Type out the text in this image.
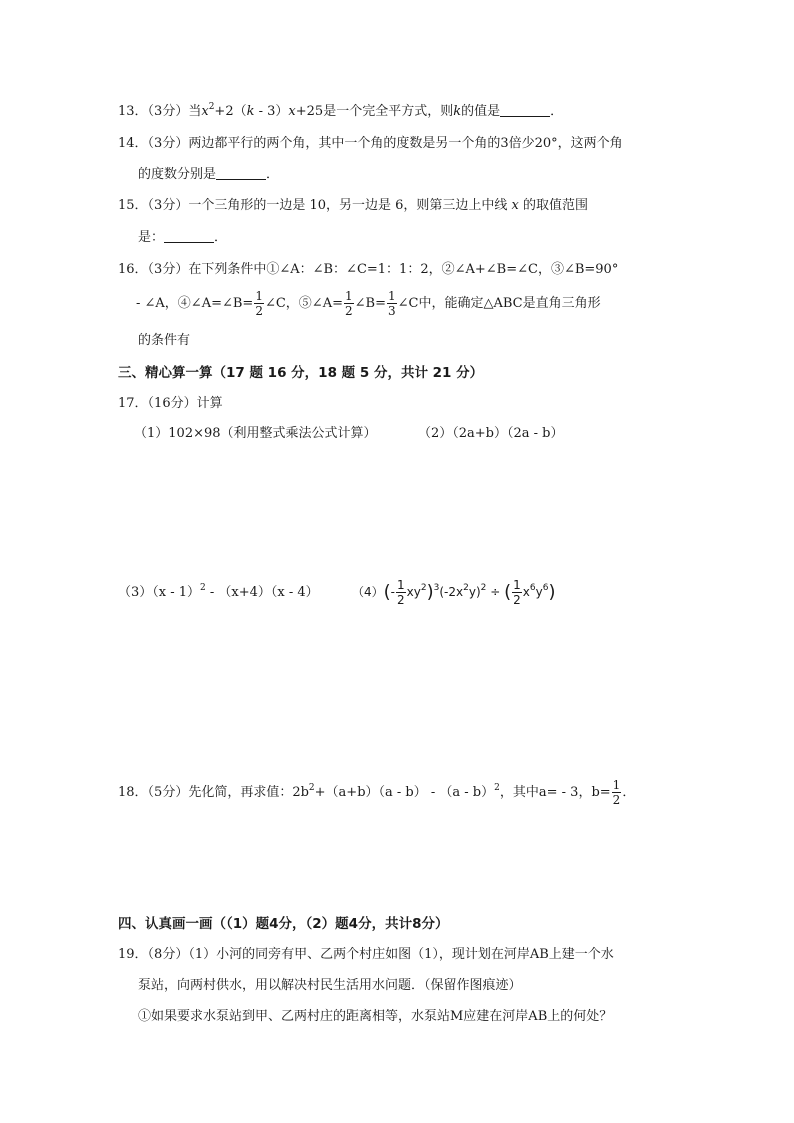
13．（3分）当$x^2+2(k - 3)x+25$是一个完全平方式，则k的值是	．
14．（3分）两边都平行的两个角，其中一个角的度数是另一个角的3倍少20°，这两个角
的度数分别是	．
15．（3分）一个三角形的一边是 10，另一边是 6，则第三边上中线 x 的取值范围
是：	．
16．（3分）在下列条件中①∠A：∠B：∠C=1：1：2，②∠A+∠B=∠C，③∠B=90°
- ∠A，④∠A=∠B= $\frac{1}{2}$ ∠C，⑤∠A= $\frac{1}{2}$ ∠B= $\frac{1}{3}$ ∠C中，能确定△ABC是直角三角形
的条件有
三、精心算一算（17 题 16 分，18 题 5 分，共计 21 分）
17．（16分）计算
（1）102×98（利用整式乘法公式计算）	（2）（2a+b）（2a - b）
（3）（x - 1）$^2$ - （x+4）（x - 4）	$(4)(- \frac{1}{2} xy^2)^3(-2x^2y)^2$ ÷ ( $\frac{1}{2} x^6y^6$)
18．（5分）先化简，再求值：$2b^2+(a+b)(a - b) - (a - b)^2$，其中a= - 3，$b= \frac{1}{2}$ ．
四、认真画一画（（1）题4分，（2）题4分，共计8分）
19．（8分）（1）小河的同旁有甲、乙两个村庄如图（1），现计划在河岸AB上建一个水
泵站，向两村供水，用以解决村民生活用水问题．（保留作图痕迹）
①如果要求水泵站到甲、乙两村庄的距离相等，水泵站M应建在河岸AB上的何处？
